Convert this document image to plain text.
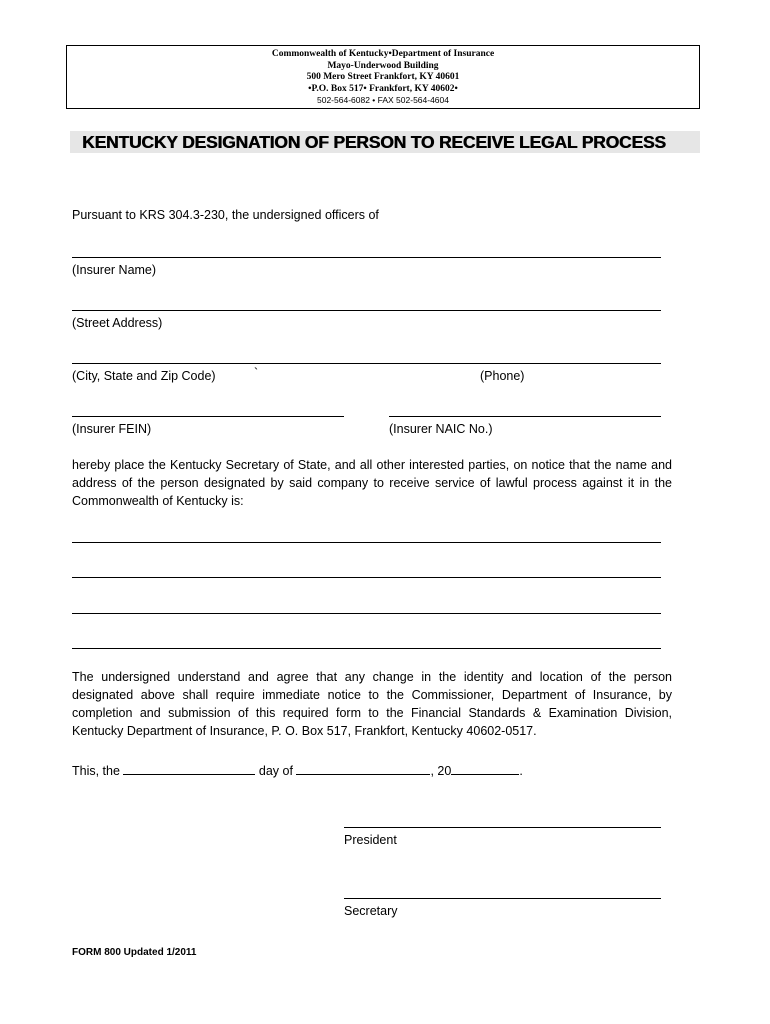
Commonwealth of Kentucky•Department of Insurance
Mayo-Underwood Building
500 Mero Street Frankfort, KY 40601
•P.O. Box 517• Frankfort, KY 40602•
502-564-6082 • FAX 502-564-4604
KENTUCKY DESIGNATION OF PERSON TO RECEIVE LEGAL PROCESS
Pursuant to KRS 304.3-230, the undersigned officers of
(Insurer Name)
(Street Address)
(City, State and Zip Code)	`	(Phone)
(Insurer FEIN)	(Insurer NAIC No.)
hereby place the Kentucky Secretary of State, and all other interested parties, on notice that the name and address of the person designated by said company to receive service of lawful process against it in the Commonwealth of Kentucky is:
The undersigned understand and agree that any change in the identity and location of the person designated above shall require immediate notice to the Commissioner, Department of Insurance, by completion and submission of this required form to the Financial Standards & Examination Division, Kentucky Department of Insurance, P. O. Box 517, Frankfort, Kentucky 40602-0517.
This, the	day of	, 20	.
President
Secretary
FORM 800 Updated 1/2011
